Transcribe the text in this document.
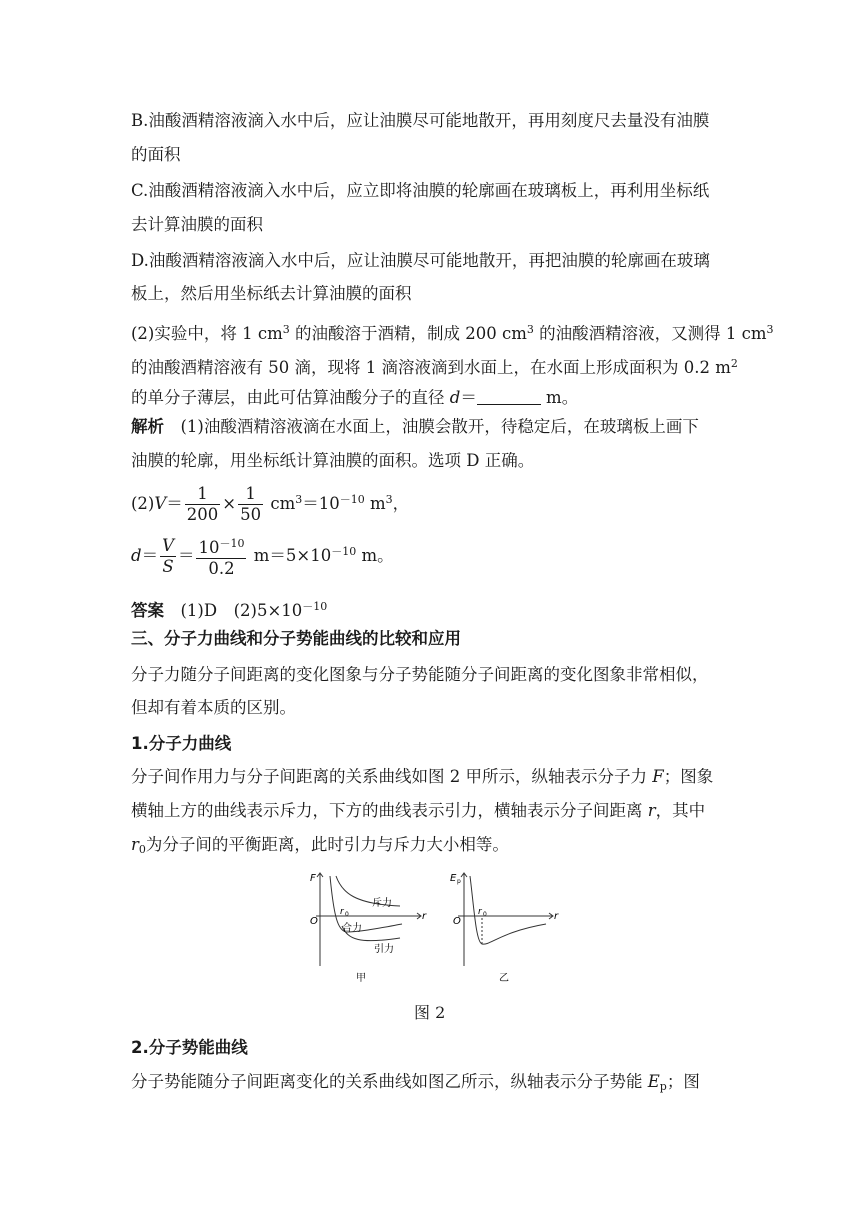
B.油酸酒精溶液滴入水中后，应让油膜尽可能地散开，再用刻度尺去量没有油膜
的面积
C.油酸酒精溶液滴入水中后，应立即将油膜的轮廓画在玻璃板上，再利用坐标纸
去计算油膜的面积
D.油酸酒精溶液滴入水中后，应让油膜尽可能地散开，再把油膜的轮廓画在玻璃
板上，然后用坐标纸去计算油膜的面积
(2)实验中，将 1 $cm^3$ 的油酸溶于酒精，制成 200 $cm^3$ 的油酸酒精溶液，又测得 1 $cm^3$
的油酸酒精溶液有 50 滴，现将 1 滴溶液滴到水面上，在水面上形成面积为 0.2 $m^2$
的单分子薄层，由此可估算油酸分子的直径 d＝	m。
解析　(1)油酸酒精溶液滴在水面上，油膜会散开，待稳定后，在玻璃板上画下
油膜的轮廓，用坐标纸计算油膜的面积。选项 D 正确。
$(2)V= \frac{1}{200} \times \frac{1}{50} cm^3=10^{-10}$ $m^3$，
$d= \frac{V}{S} = \frac{10^{-10}}{0.2} m=5\times 10^{-10}$ m。
答案　(1)D　$(2)5\times 10^{-10}$
三、分子力曲线和分子势能曲线的比较和应用
分子力随分子间距离的变化图象与分子势能随分子间距离的变化图象非常相似，
但却有着本质的区别。
1.分子力曲线
分子间作用力与分子间距离的关系曲线如图 2 甲所示，纵轴表示分子力 F；图象
横轴上方的曲线表示斥力，下方的曲线表示引力，横轴表示分子间距离 r，其中
$r_0$为分子间的平衡距离，此时引力与斥力大小相等。
F
r
O
r 0
斥力
合力
引力
甲
E p
r
O
r 0
乙
图 2
2.分子势能曲线
分子势能随分子间距离变化的关系曲线如图乙所示，纵轴表示分子势能 $E_p$；图
